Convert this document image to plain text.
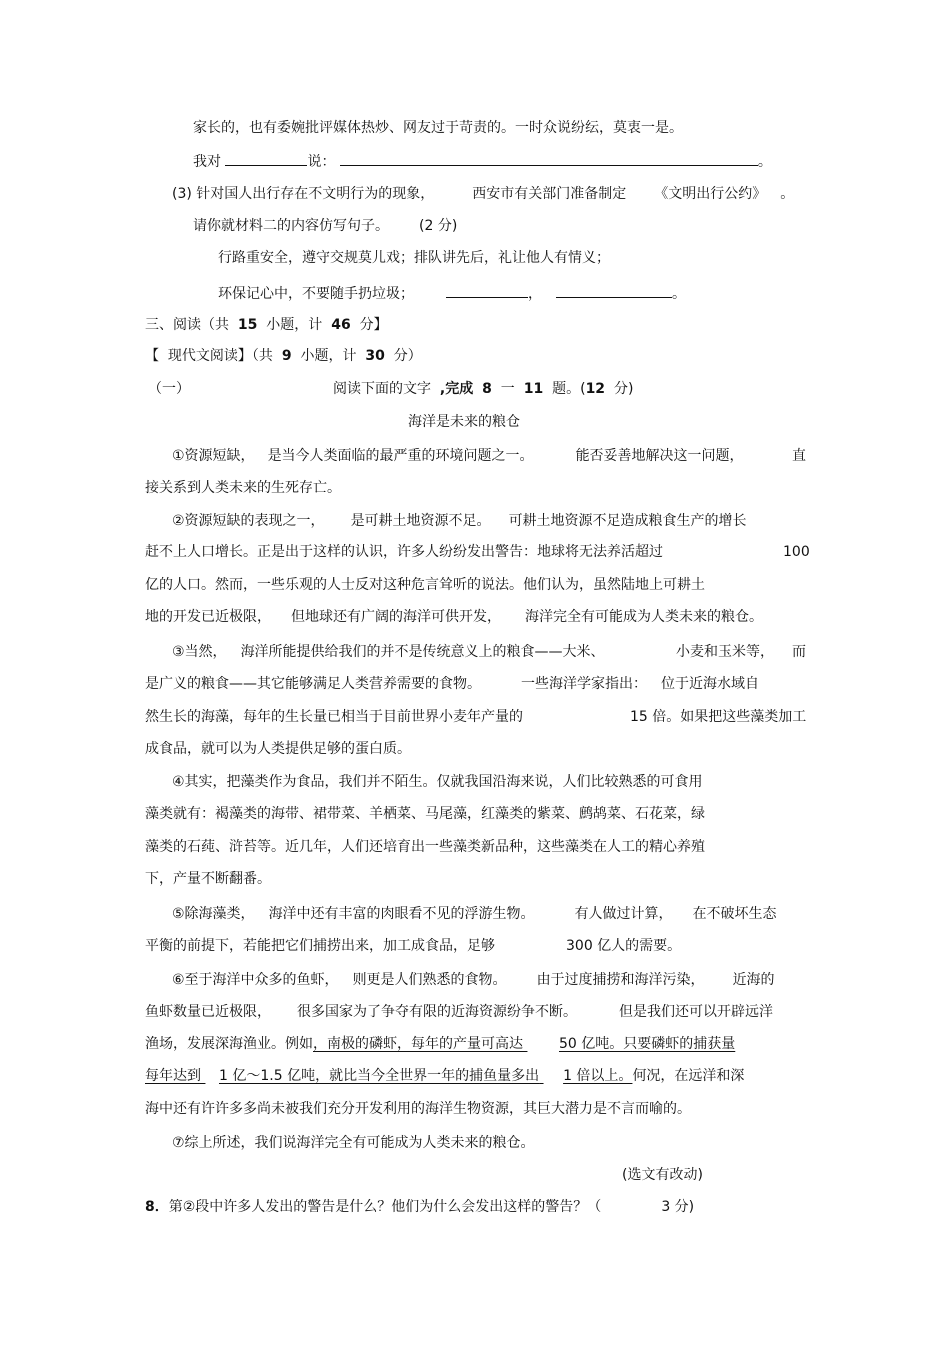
家长的，也有委婉批评媒体热炒、网友过于苛责的。一时众说纷纭，莫衷一是。
我对	说：	。
(3) 针对国人出行存在不文明行为的现象，	西安市有关部门准备制定 《文明出行公约》 。
请你就材料二的内容仿写句子。 (2 分)
行路重安全，遵守交规莫儿戏；排队讲先后，礼让他人有情义；
环保记心中，不要随手扔垃圾；	，	。
三、阅读（共 15 小题，计 46 分】
【  现代文阅读】（共 9 小题，计 30 分）
（一）	阅读下面的文字 ,完成 8 一 11 题。(12 分)
海洋是未来的粮仓
①资源短缺， 是当今人类面临的最严重的环境问题之一。	能否妥善地解决这一问题，	直
接关系到人类未来的生死存亡。
②资源短缺的表现之一， 是可耕土地资源不足。 可耕土地资源不足造成粮食生产的增长
赶不上人口增长。正是出于这样的认识，许多人纷纷发出警告：地球将无法养活超过	100
亿的人口。然而，一些乐观的人士反对这种危言耸听的说法。他们认为，虽然陆地上可耕土
地的开发已近极限， 但地球还有广阔的海洋可供开发， 海洋完全有可能成为人类未来的粮仓。
③当然， 海洋所能提供给我们的并不是传统意义上的粮食——大米、	小麦和玉米等， 而
是广义的粮食——其它能够满足人类营养需要的食物。	一些海洋学家指出： 位于近海水域自
然生长的海藻，每年的生长量已相当于目前世界小麦年产量的	15 倍。如果把这些藻类加工
成食品，就可以为人类提供足够的蛋白质。
④其实，把藻类作为食品，我们并不陌生。仅就我国沿海来说，人们比较熟悉的可食用
藻类就有：褐藻类的海带、裙带菜、羊栖菜、马尾藻，红藻类的紫菜、鹧鸪菜、石花菜，绿
藻类的石莼、浒苔等。近几年，人们还培育出一些藻类新品种，这些藻类在人工的精心养殖
下，产量不断翻番。
⑤除海藻类， 海洋中还有丰富的肉眼看不见的浮游生物。	有人做过计算， 在不破坏生态
平衡的前提下，若能把它们捕捞出来，加工成食品，足够	300 亿人的需要。
⑥至于海洋中众多的鱼虾， 则更是人们熟悉的食物。 由于过度捕捞和海洋污染， 近海的
鱼虾数量已近极限， 很多国家为了争夺有限的近海资源纷争不断。	但是我们还可以开辟远洋
渔场，发展深海渔业。例如，南极的磷虾，每年的产量可高达	50 亿吨。只要磷虾的捕获量
每年达到 1 亿～1.5 亿吨，就比当今全世界一年的捕鱼量多出 1 倍以上。何况，在远洋和深
海中还有许许多多尚未被我们充分开发利用的海洋生物资源，其巨大潜力是不言而喻的。
⑦综上所述，我们说海洋完全有可能成为人类未来的粮仓。
(选文有改动)
8．第②段中许多人发出的警告是什么？他们为什么会发出这样的警告？（	3 分)
